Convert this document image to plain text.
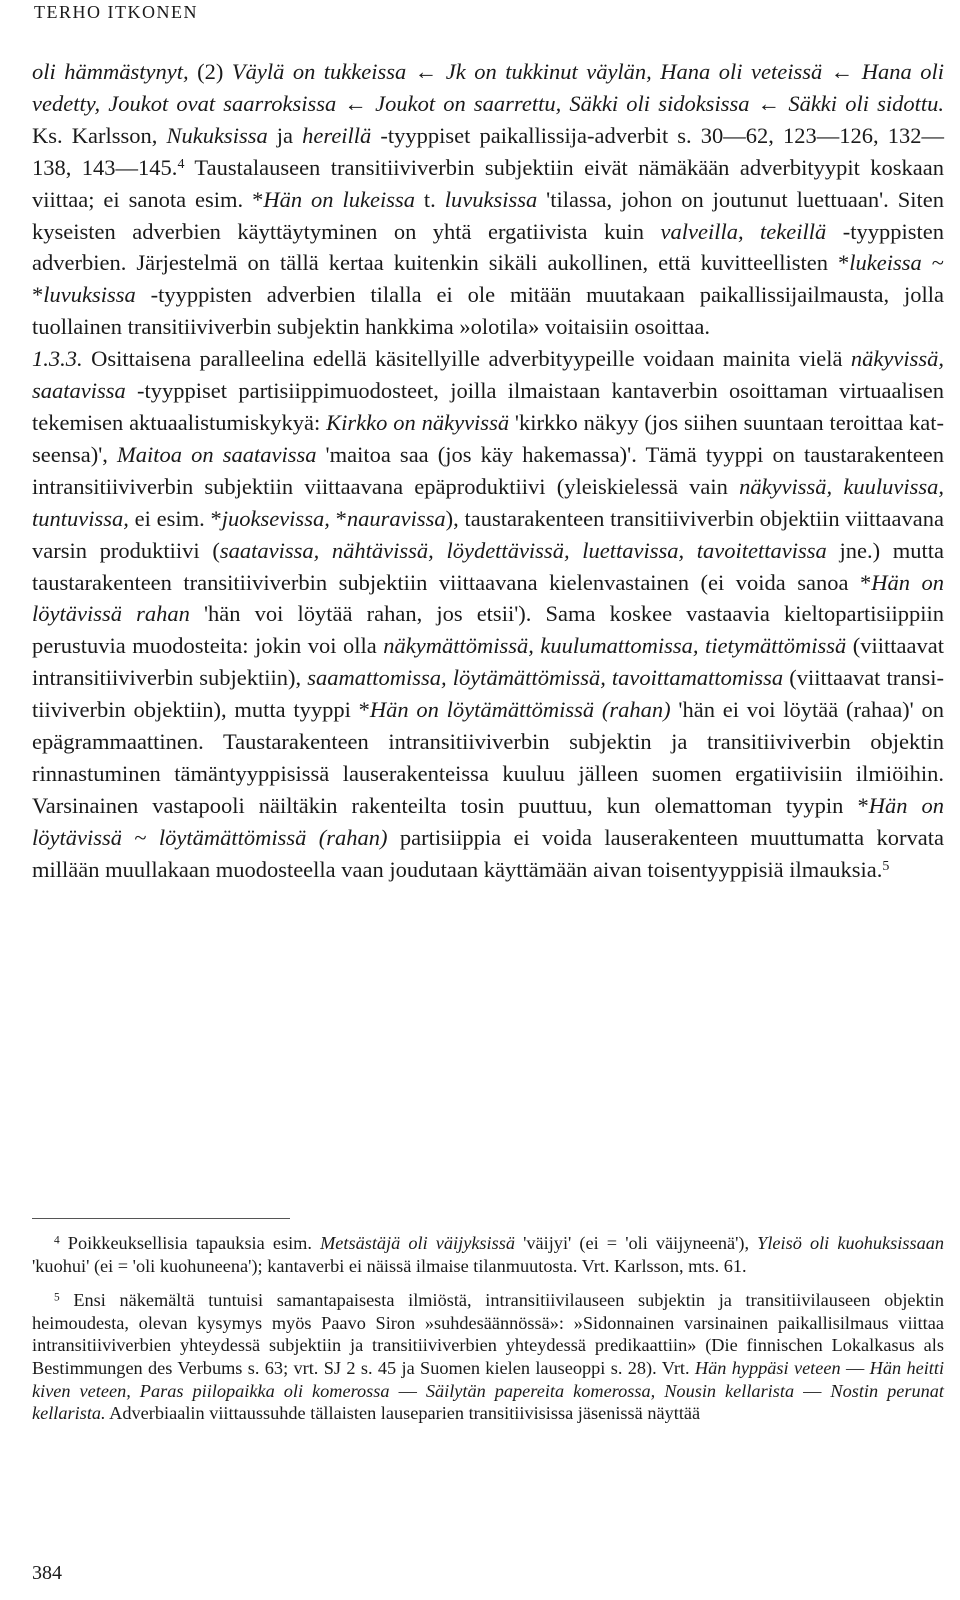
TERHO ITKONEN

oli hämmästynyt, (2) Väylä on tukkeissa ← Jk on tukkinut väylän, Hana oli veteissä ← Hana oli vedetty, Joukot ovat saarroksissa ← Joukot on saarrettu, Säkki oli sidoksissa ← Säkki oli sidottu. Ks. Karlsson, Nukuksissa ja hereillä -tyyppiset paikallissija-adverbit s. 30—62, 123—126, 132—138, 143—145.$^4$ Taustalauseen transitiiviverbin subjektiin eivät nämäkään adverbityypit koskaan viittaa; ei sanota esim. *Hän on lukeissa t. luvuksissa 'tilassa, johon on joutunut luettuaan'. Siten kyseisten adverbien käyttäytyminen on yhtä ergatiivista kuin valveilla, tekeillä -tyyppisten adverbien. Järjestelmä on tällä kertaa kuitenkin sikäli aukollinen, että kuvitteellisten *lukeissa ~ *luvuksissa -tyyppisten adverbien tilalla ei ole mitään muutakaan paikallissijailmausta, jolla tuollainen transitiiviverbin subjektin hankkima »olotila» voitaisiin osoittaa.

1.3.3. Osittaisena paralleelina edellä käsitellyille adverbityypeille voidaan mainita vielä näkyvissä, saatavissa -tyyppiset partisiippimuodosteet, joilla ilmaistaan kantaverbin osoittaman virtuaalisen tekemisen aktuaalistumiskykyä: Kirkko on näkyvissä 'kirkko näkyy (jos siihen suuntaan teroittaa katseensa)', Maitoa on saatavissa 'maitoa saa (jos käy hakemassa)'. Tämä tyyppi on taustarakenteen intransitiiviverbin subjektiin viittaavana epäproduktiivi (yleiskielessä vain näkyvissä, kuuluvissa, tuntuvissa, ei esim. *juoksevissa, *nauravissa), taustarakenteen transitiiviverbin objektiin viittaavana varsin produktiivi (saatavissa, nähtävissä, löydettävissä, luettavissa, tavoitettavissa jne.) mutta taustarakenteen transitiiviverbin subjektiin viittaavana kielenvastainen (ei voida sanoa *Hän on löytävissä rahan 'hän voi löytää rahan, jos etsii'). Sama koskee vastaavia kieltopartisiippiin perustuvia muodosteita: jokin voi olla näkymättömissä, kuulumattomissa, tietymättömissä (viittaavat intransitiiviverbin subjektiin), saamattomissa, löytämättömissä, tavoittamattomissa (viittaavat transitiiviverbin objektiin), mutta tyyppi *Hän on löytämättömissä (rahan) 'hän ei voi löytää (rahaa)' on epägrammaattinen. Taustarakenteen intransitiiviverbin subjektin ja transitiiviverbin objektin rinnastuminen tämäntyyppisissä lauserakenteissa kuuluu jälleen suomen ergatiivisiin ilmiöihin. Varsinainen vastapooli näiltäkin rakenteilta tosin puuttuu, kun olemattoman tyypin *Hän on löytävissä ~ löytämättömissä (rahan) partisiippia ei voida lauserakenteen muuttumatta korvata millään muullakaan muodosteella vaan joudutaan käyttämään aivan toisentyyppisiä ilmauksia.$^5$

$^4$ Poikkeuksellisia tapauksia esim. Metsästäjä oli väijyksissä 'väijyi' (ei = 'oli väijyneenä'), Yleisö oli kuohuksissaan 'kuohui' (ei = 'oli kuohuneena'); kantaverbi ei näissä ilmaise tilanmuutosta. Vrt. Karlsson, mts. 61.

$^5$ Ensi näkemältä tuntuisi samantapaisesta ilmiöstä, intransitiivilauseen subjektin ja transitiivilauseen objektin heimoudesta, olevan kysymys myös Paavo Siron »suhdesäännössä»: »Sidonnainen varsinainen paikallisilmaus viittaa intransitiiviverbien yhteydessä subjektiin ja transitiiviverbien yhteydessä predikaattiin» (Die finnischen Lokalkasus als Bestimmungen des Verbums s. 63; vrt. SJ 2 s. 45 ja Suomen kielen lauseoppi s. 28). Vrt. Hän hyppäsi veteen — Hän heitti kiven veteen, Paras piilopaikka oli komerossa — Säilytän papereita komerossa, Nousin kellarista — Nostin perunat kellarista. Adverbiaalin viittaussuhde tällaisten lauseparien transitiivisissa jäsenissä näyttää

384
